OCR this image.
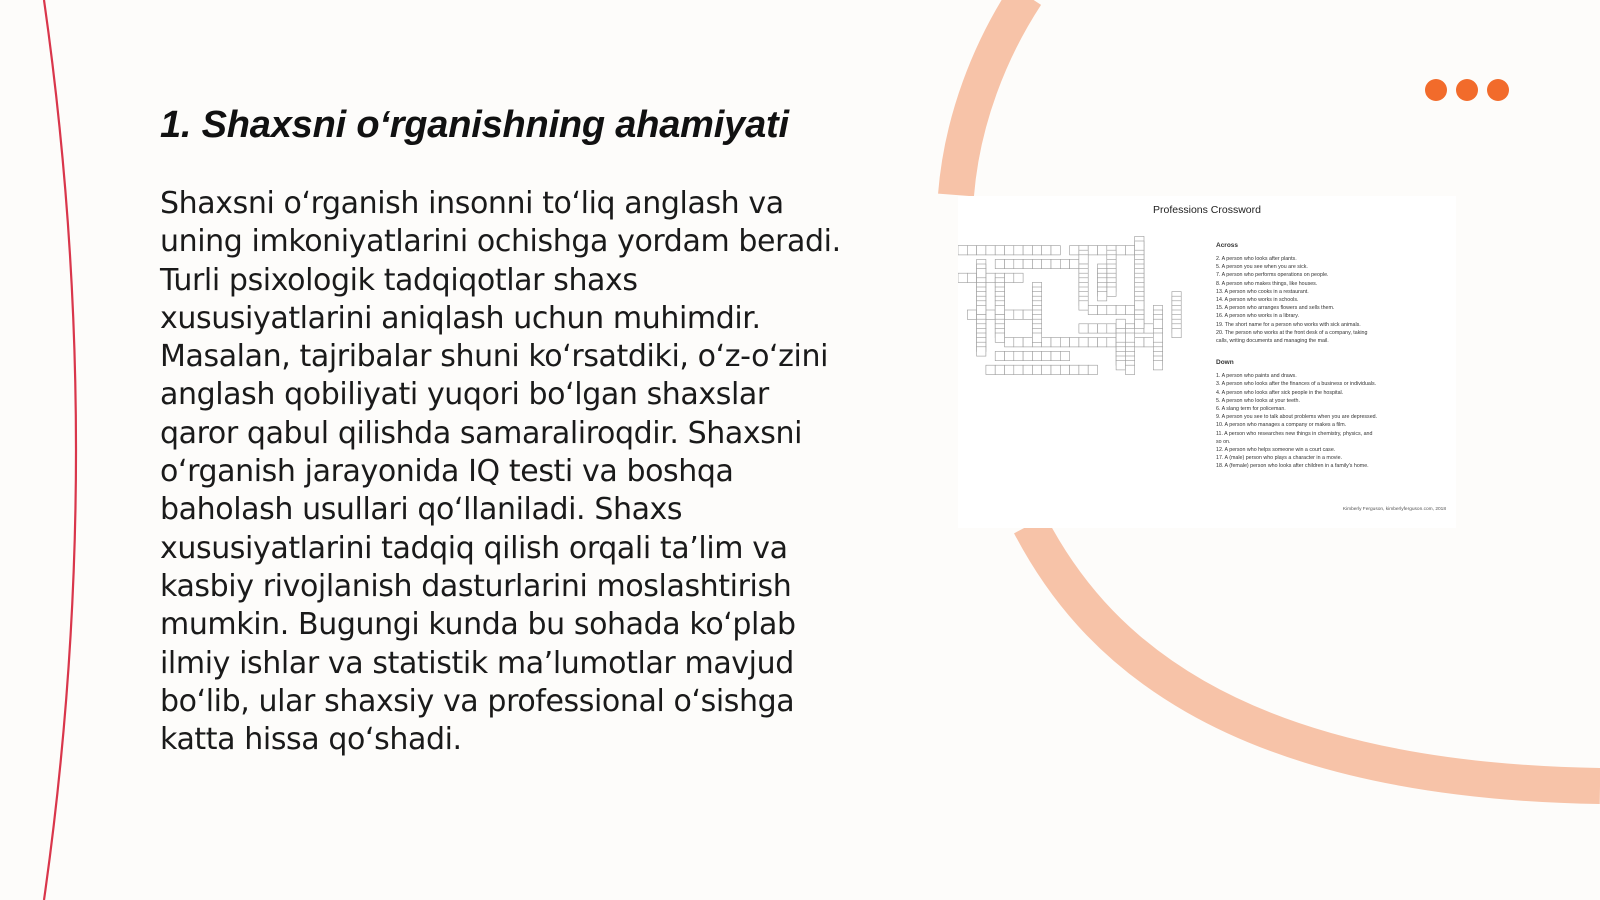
1. Shaxsni o‘rganishning ahamiyati

Shaxsni o‘rganish insonni to‘liq anglash va uning imkoniyatlarini ochishga yordam beradi. Turli psixologik tadqiqotlar shaxs xususiyatlarini aniqlash uchun muhimdir. Masalan, tajribalar shuni ko‘rsatdiki, o‘z-o‘zini anglash qobiliyati yuqori bo‘lgan shaxslar qaror qabul qilishda samaraliroqdir. Shaxsni o‘rganish jarayonida IQ testi va boshqa baholash usullari qo‘llaniladi. Shaxs xususiyatlarini tadqiq qilish orqali ta’lim va kasbiy rivojlanish dasturlarini moslashtirish mumkin. Bugungi kunda bu sohada ko‘plab ilmiy ishlar va statistik ma’lumotlar mavjud bo‘lib, ular shaxsiy va professional o‘sishga katta hissa qo‘shadi.

Professions Crossword
Across
2. A person who looks after plants.
5. A person you see when you are sick.
7. A person who performs operations on people.
8. A person who makes things, like houses.
13. A person who cooks in a restaurant.
14. A person who works in schools.
15. A person who arranges flowers and sells them.
16. A person who works in a library.
19. The short name for a person who works with sick animals.
20. The person who works at the front desk of a company, taking
calls, writing documents and managing the mail.
Down
1. A person who paints and draws.
3. A person who looks after the finances of a business or individuals.
4. A person who looks after sick people in the hospital.
5. A person who looks at your teeth.
6. A slang term for policeman.
9. A person you see to talk about problems when you are depressed.
10. A person who manages a company or makes a film.
11. A person who researches new things in chemistry, physics, and
so on.
12. A person who helps someone win a court case.
17. A (male) person who plays a character in a movie.
18. A (female) person who looks after children in a family's home.
Kimberly Ferguson, kimberlyferguson.com, 2018
